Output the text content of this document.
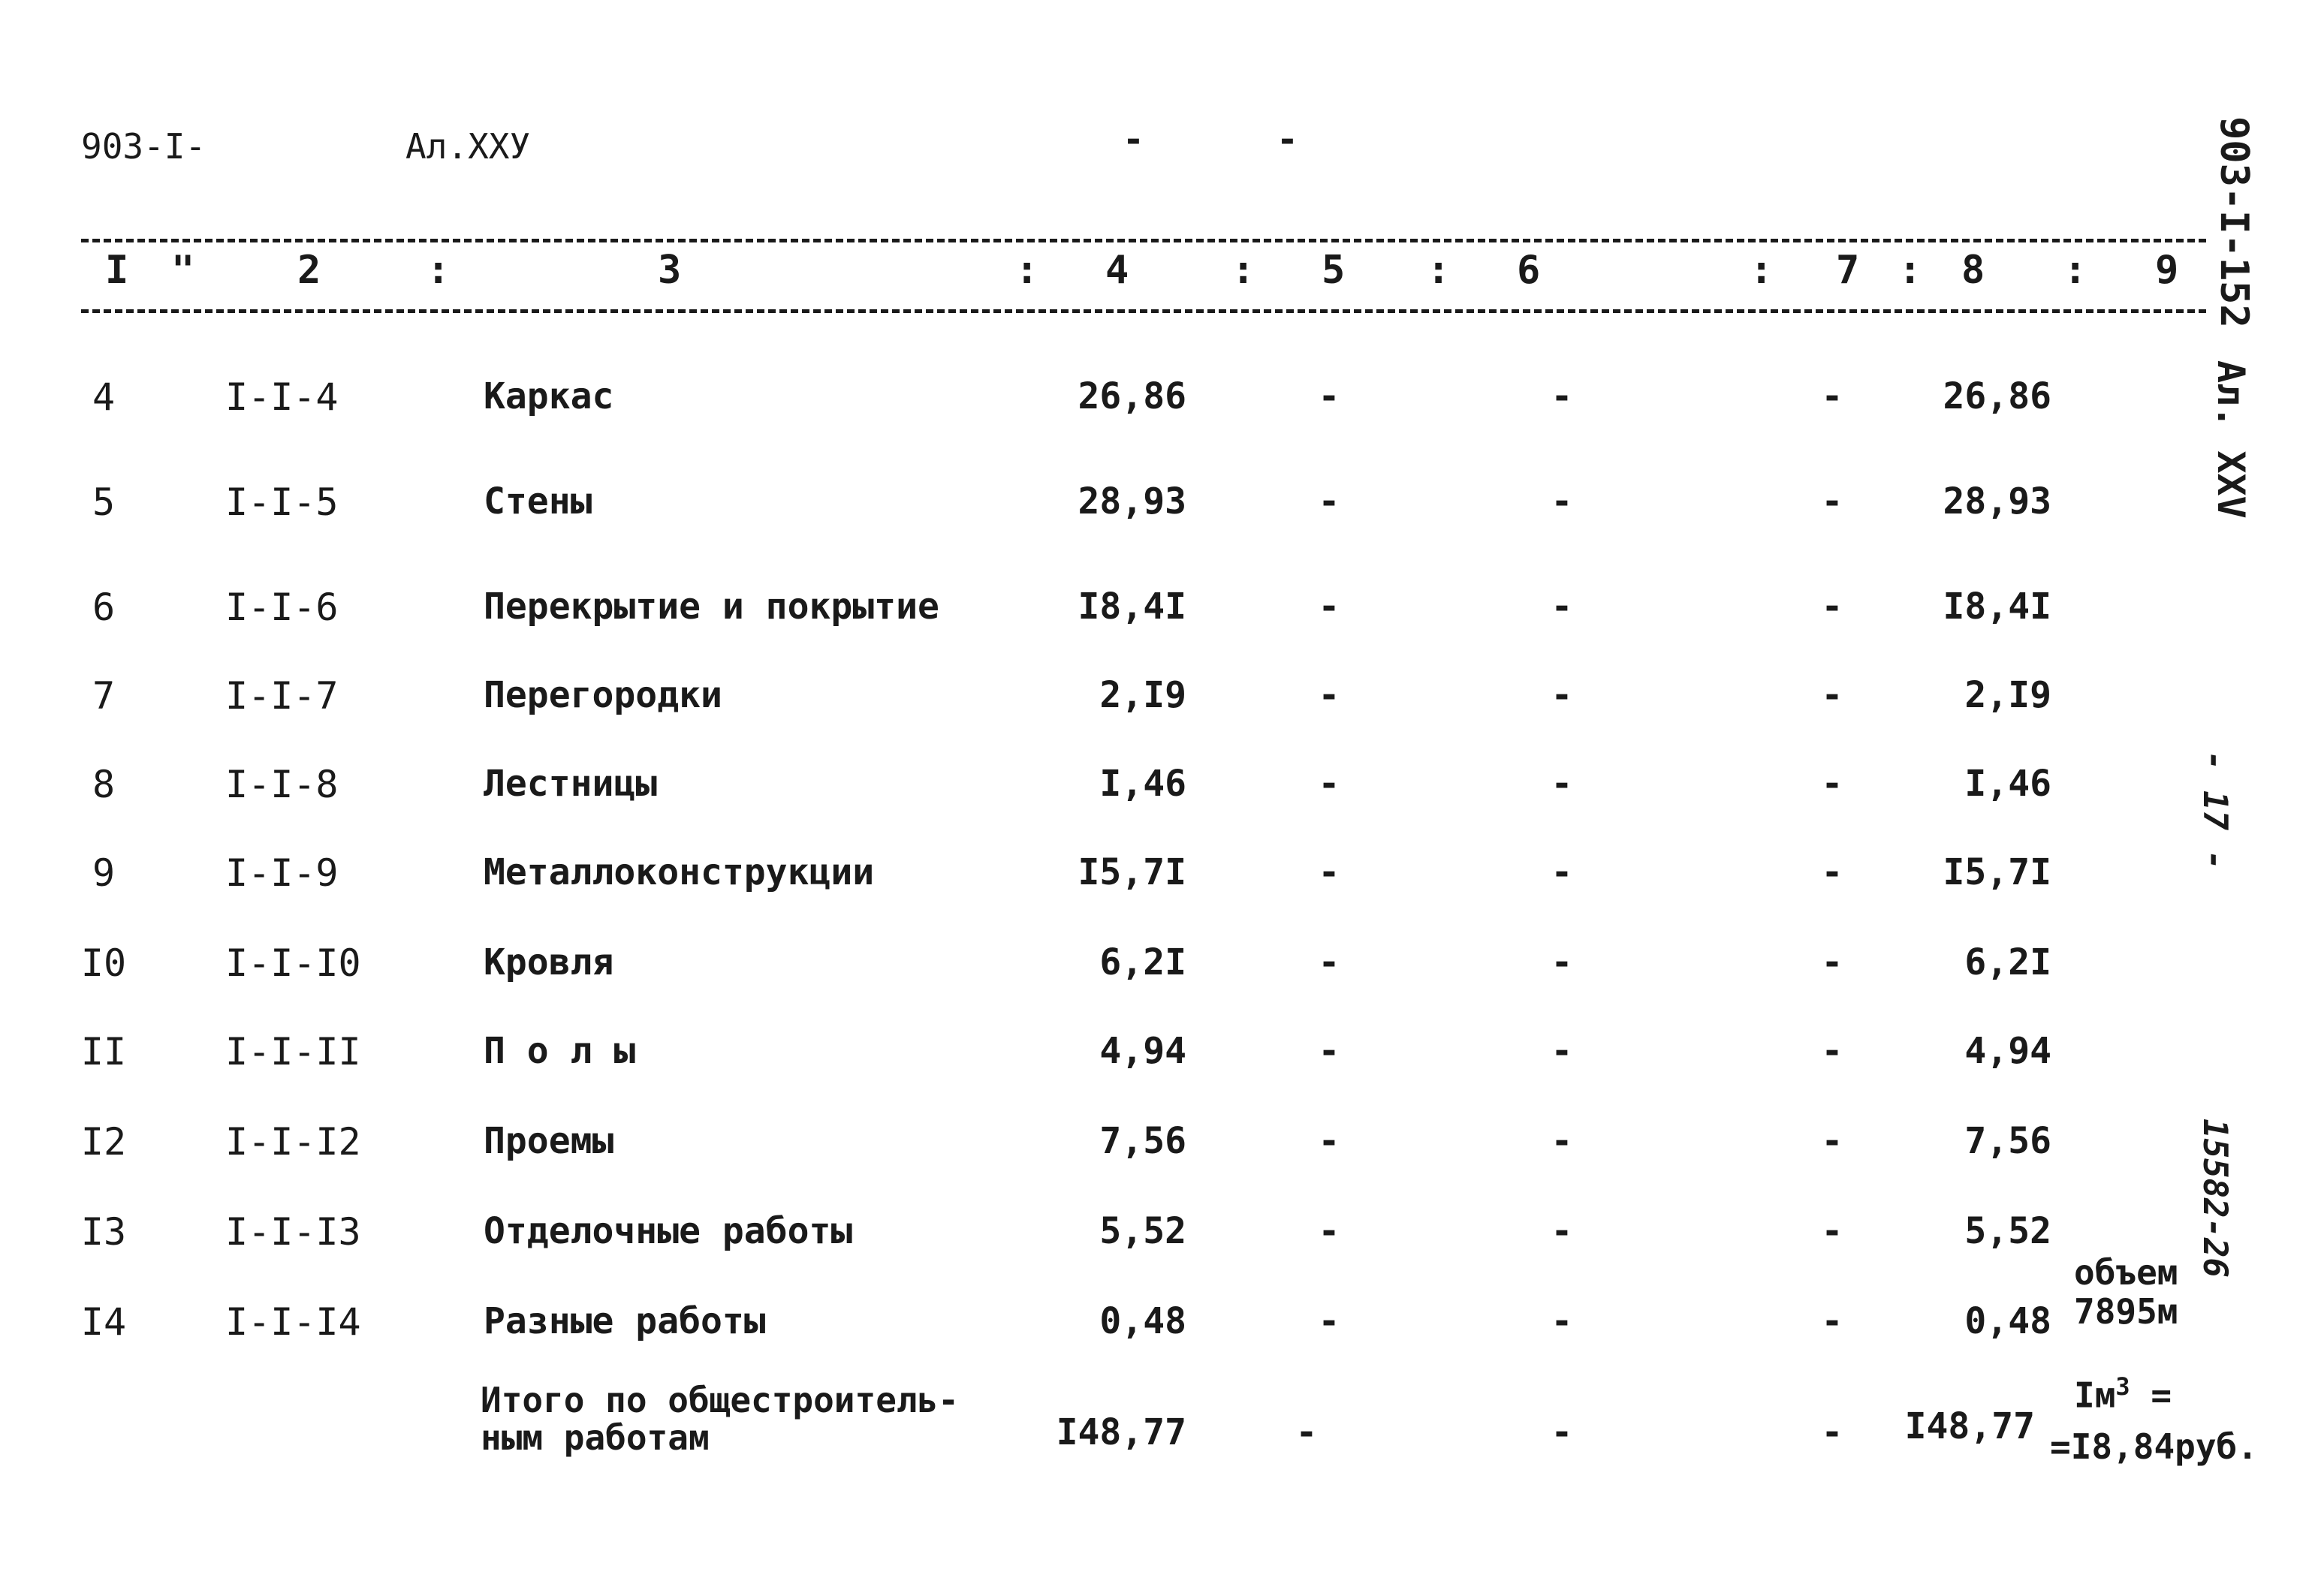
903-I-	Ал.XXУ	-	-	903-I-152
Ал. XXV
- 17 -
15582-26
I "	2	:	3	: 4	: 5 : 6	: 7 : 8 : 9
4	I-I-4	Каркас	26,86	-	-	-	26,86
5	I-I-5	Стены	28,93	-	-	-	28,93
6	I-I-6	Перекрытие и покрытие	I8,4I	-	-	-	I8,4I
7	I-I-7	Перегородки	2,I9	-	-	-	2,I9
8	I-I-8	Лестницы	I,46	-	-	-	I,46
9	I-I-9	Металлоконструкции	I5,7I	-	-	-	I5,7I
I0	I-I-I0	Кровля	6,2I	-	-	-	6,2I
II	I-I-II	П о л ы	4,94	-	-	-	4,94
I2	I-I-I2	Проемы	7,56	-	-	-	7,56
I3	I-I-I3	Отделочные работы	5,52	-	-	-	5,52
I4	I-I-I4	Разные работы	0,48	-	-	-	0,48
Итого по общестроитель-
ным работам	I48,77	-	-	-	I48,77
объем
7895м
$Iм^3$ =
=I8,84руб.
